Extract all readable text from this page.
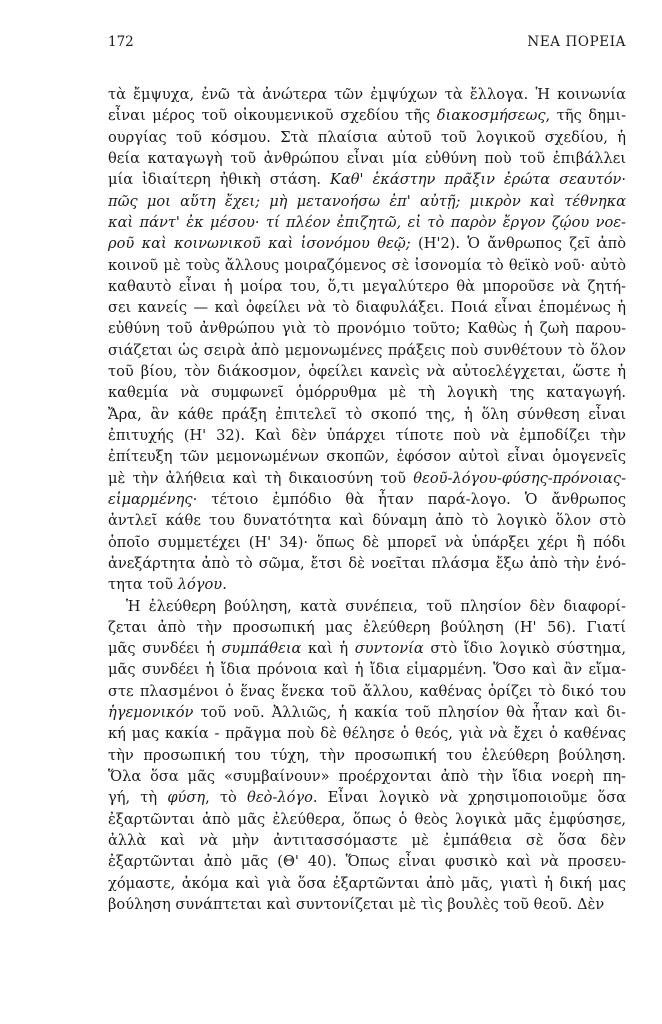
172	ΝΕΑ ΠΟΡΕΙΑ
τὰ ἔμψυχα, ἐνῶ τὰ ἀνώτερα τῶν ἐμψύχων τὰ ἔλλογα. Ἡ κοινωνία
εἶναι μέρος τοῦ οἰκουμενικοῦ σχεδίου τῆς διακοσμήσεως, τῆς δημι-
ουργίας τοῦ κόσμου. Στὰ πλαίσια αὐτοῦ τοῦ λογικοῦ σχεδίου, ἡ
θεία καταγωγὴ τοῦ ἀνθρώπου εἶναι μία εὐθύνη ποὺ τοῦ ἐπιβάλλει
μία ἰδιαίτερη ἠθικὴ στάση. Καθ' ἑκάστην πρᾶξιν ἐρώτα σεαυτόν·
πῶς μοι αὕτη ἔχει; μὴ μετανοήσω ἐπ' αὐτῇ; μικρὸν καὶ τέθνηκα
καὶ πάντ' ἐκ μέσου· τί πλέον ἐπιζητῶ, εἰ τὸ παρὸν ἔργον ζῴου νοε-
ροῦ καὶ κοινωνικοῦ καὶ ἰσονόμου θεῷ; (Η'2). Ὁ ἄνθρωπος ζεῖ ἀπὸ
κοινοῦ μὲ τοὺς ἄλλους μοιραζόμενος σὲ ἰσονομία τὸ θεϊκὸ νοῦ· αὐτὸ
καθαυτὸ εἶναι ἡ μοίρα του, ὅ,τι μεγαλύτερο θὰ μποροῦσε νὰ ζητή-
σει κανείς — καὶ ὀφείλει νὰ τὸ διαφυλάξει. Ποιά εἶναι ἑπομένως ἡ
εὐθύνη τοῦ ἀνθρώπου γιὰ τὸ προνόμιο τοῦτο; Καθὼς ἡ ζωὴ παρου-
σιάζεται ὡς σειρὰ ἀπὸ μεμονωμένες πράξεις ποὺ συνθέτουν τὸ ὅλον
τοῦ βίου, τὸν διάκοσμον, ὀφείλει κανεὶς νὰ αὐτοελέγχεται, ὥστε ἡ
καθεμία νὰ συμφωνεῖ ὁμόρρυθμα μὲ τὴ λογικὴ της καταγωγή.
Ἄρα, ἂν κάθε πράξη ἐπιτελεῖ τὸ σκοπό της, ἡ ὅλη σύνθεση εἶναι
ἐπιτυχής (Η' 32). Καὶ δὲν ὑπάρχει τίποτε ποὺ νὰ ἐμποδίζει τὴν
ἐπίτευξη τῶν μεμονωμένων σκοπῶν, ἐφόσον αὐτοὶ εἶναι ὁμογενεῖς
μὲ τὴν ἀλήθεια καὶ τὴ δικαιοσύνη τοῦ θεοῦ-λόγου-φύσης-πρόνοιας-
εἱμαρμένης· τέτοιο ἐμπόδιο θὰ ἦταν παρά-λογο. Ὁ ἄνθρωπος
ἀντλεῖ κάθε του δυνατότητα καὶ δύναμη ἀπὸ τὸ λογικὸ ὅλον στὸ
ὁποῖο συμμετέχει (Η' 34)· ὅπως δὲ μπορεῖ νὰ ὑπάρξει χέρι ἢ πόδι
ἀνεξάρτητα ἀπὸ τὸ σῶμα, ἔτσι δὲ νοεῖται πλάσμα ἔξω ἀπὸ τὴν ἑνό-
τητα τοῦ λόγου.
Ἡ ἐλεύθερη βούληση, κατὰ συνέπεια, τοῦ πλησίον δὲν διαφορί-
ζεται ἀπὸ τὴν προσωπική μας ἐλεύθερη βούληση (Η' 56). Γιατί
μᾶς συνδέει ἡ συμπάθεια καὶ ἡ συντονία στὸ ἴδιο λογικὸ σύστημα,
μᾶς συνδέει ἡ ἴδια πρόνοια καὶ ἡ ἴδια εἱμαρμένη. Ὅσο καὶ ἂν εἴμα-
στε πλασμένοι ὁ ἕνας ἕνεκα τοῦ ἄλλου, καθένας ὁρίζει τὸ δικό του
ἡγεμονικόν τοῦ νοῦ. Ἀλλιῶς, ἡ κακία τοῦ πλησίον θὰ ἦταν καὶ δι-
κή μας κακία - πρᾶγμα ποὺ δὲ θέλησε ὁ θεός, γιὰ νὰ ἔχει ὁ καθένας
τὴν προσωπική του τύχη, τὴν προσωπική του ἐλεύθερη βούληση.
Ὅλα ὅσα μᾶς «συμβαίνουν» προέρχονται ἀπὸ τὴν ἴδια νοερὴ πη-
γή, τὴ φύση, τὸ θεὸ-λόγο. Εἶναι λογικὸ νὰ χρησιμοποιοῦμε ὅσα
ἐξαρτῶνται ἀπὸ μᾶς ἐλεύθερα, ὅπως ὁ θεὸς λογικὰ μᾶς ἐμφύσησε,
ἀλλὰ καὶ νὰ μὴν ἀντιτασσόμαστε μὲ ἐμπάθεια σὲ ὅσα δὲν
ἐξαρτῶνται ἀπὸ μᾶς (Θ' 40). Ὅπως εἶναι φυσικὸ καὶ νὰ προσευ-
χόμαστε, ἀκόμα καὶ γιὰ ὅσα ἐξαρτῶνται ἀπὸ μᾶς, γιατὶ ἡ δική μας
βούληση συνάπτεται καὶ συντονίζεται μὲ τὶς βουλὲς τοῦ θεοῦ. Δὲν
